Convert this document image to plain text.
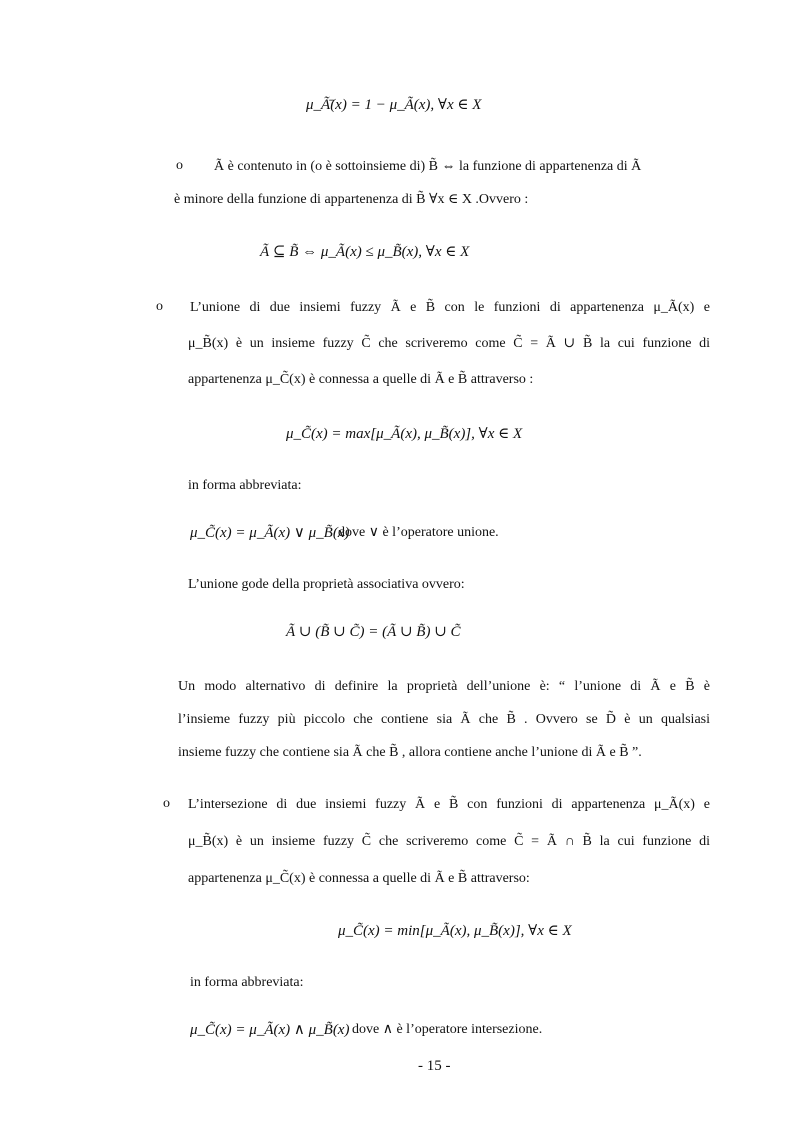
μ_Ã̄(x) = 1 − μ_Ã(x), ∀x ∈ X
o Ã è contenuto in (o è sottoinsieme di) B̃ ⇔ la funzione di appartenenza di Ã
è minore della funzione di appartenenza di B̃ ∀x ∈ X .Ovvero :
Ã ⊆ B̃ ⇔ μ_Ã(x) ≤ μ_B̃(x), ∀x ∈ X
o L’unione di due insiemi fuzzy Ã e B̃ con le funzioni di appartenenza μ_Ã(x) e
μ_B̃(x) è un insieme fuzzy C̃ che scriveremo come C̃ = Ã ∪ B̃ la cui funzione di
appartenenza μ_C̃(x) è connessa a quelle di Ã e B̃ attraverso :
μ_C̃(x) = max[μ_Ã(x), μ_B̃(x)], ∀x ∈ X
in forma abbreviata:
μ_C̃(x) = μ_Ã(x) ∨ μ_B̃(x)
dove ∨ è l’operatore unione.
L’unione gode della proprietà associativa ovvero:
Ã ∪ (B̃ ∪ C̃) = (Ã ∪ B̃) ∪ C̃
Un modo alternativo di definire la proprietà dell’unione è: “ l’unione di Ã e B̃ è
l’insieme fuzzy più piccolo che contiene sia Ã che B̃ . Ovvero se D̃ è un qualsiasi
insieme fuzzy che contiene sia Ã che B̃ , allora contiene anche l’unione di Ã e B̃ ”.
o L’intersezione di due insiemi fuzzy Ã e B̃ con funzioni di appartenenza μ_Ã(x) e
μ_B̃(x) è un insieme fuzzy C̃ che scriveremo come C̃ = Ã ∩ B̃ la cui funzione di
appartenenza μ_C̃(x) è connessa a quelle di Ã e B̃ attraverso:
μ_C̃(x) = min[μ_Ã(x), μ_B̃(x)], ∀x ∈ X
in forma abbreviata:
μ_C̃(x) = μ_Ã(x) ∧ μ_B̃(x) dove ∧ è l’operatore intersezione.
- 15 -
